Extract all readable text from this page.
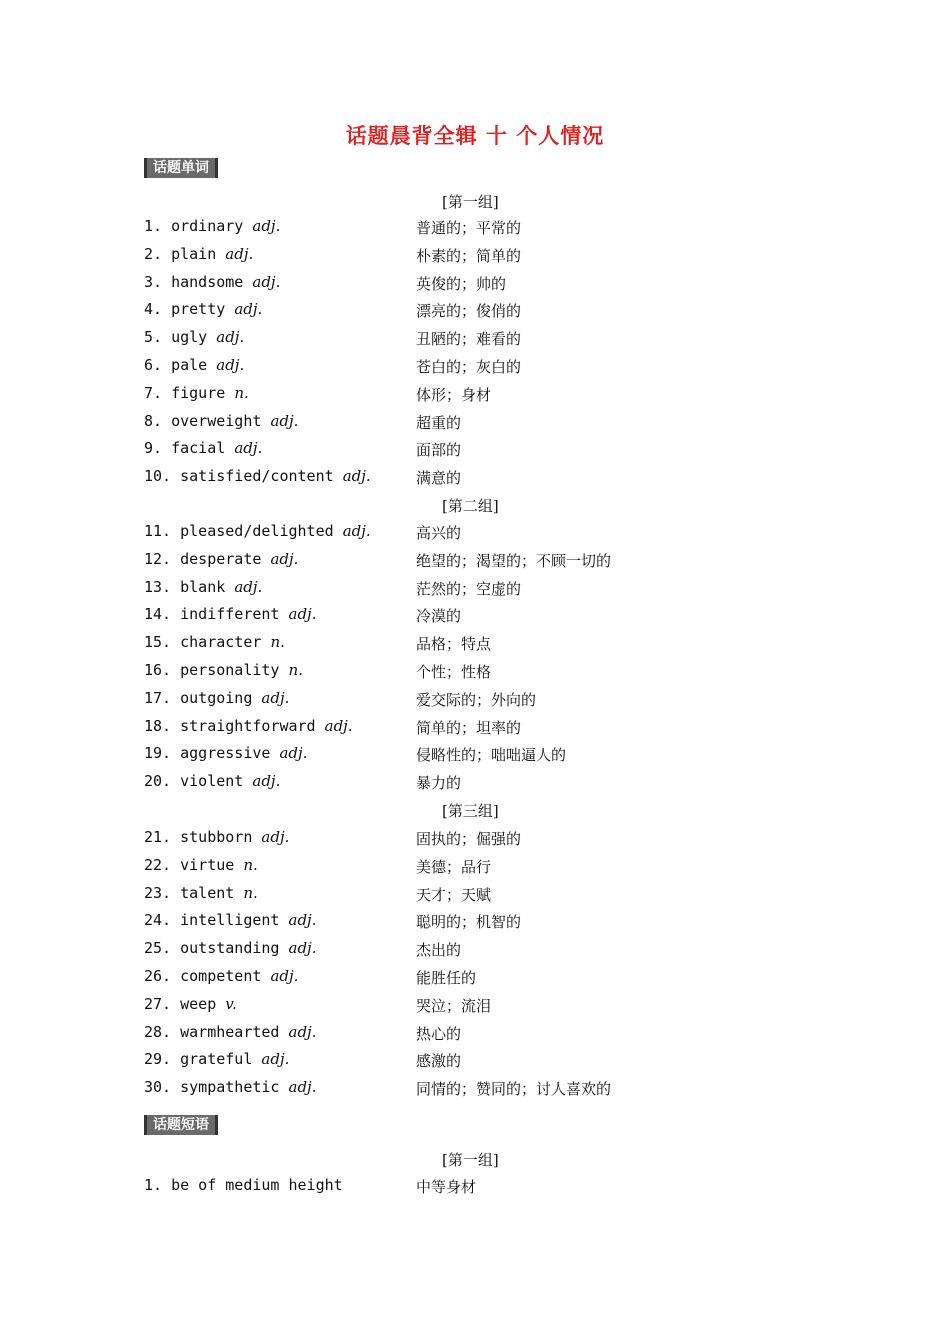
话题晨背全辑 十 个人情况
话题单词
[第一组]
[第二组]
[第三组]
话题短语
[第一组]
1. ordinary adj.	普通的；平常的
2. plain adj.	朴素的；简单的
3. handsome adj.	英俊的；帅的
4. pretty adj.	漂亮的；俊俏的
5. ugly adj.	丑陋的；难看的
6. pale adj.	苍白的；灰白的
7. figure n.	体形；身材
8. overweight adj.	超重的
9. facial adj.	面部的
10. satisfied/content adj.	满意的
11. pleased/delighted adj.	高兴的
12. desperate adj.	绝望的；渴望的；不顾一切的
13. blank adj.	茫然的；空虚的
14. indifferent adj.	冷漠的
15. character n.	品格；特点
16. personality n.	个性；性格
17. outgoing adj.	爱交际的；外向的
18. straightforward adj.	简单的；坦率的
19. aggressive adj.	侵略性的；咄咄逼人的
20. violent adj.	暴力的
21. stubborn adj.	固执的；倔强的
22. virtue n.	美德；品行
23. talent n.	天才；天赋
24. intelligent adj.	聪明的；机智的
25. outstanding adj.	杰出的
26. competent adj.	能胜任的
27. weep v.	哭泣；流泪
28. warmhearted adj.	热心的
29. grateful adj.	感激的
30. sympathetic adj.	同情的；赞同的；讨人喜欢的
1. be of medium height	中等身材
